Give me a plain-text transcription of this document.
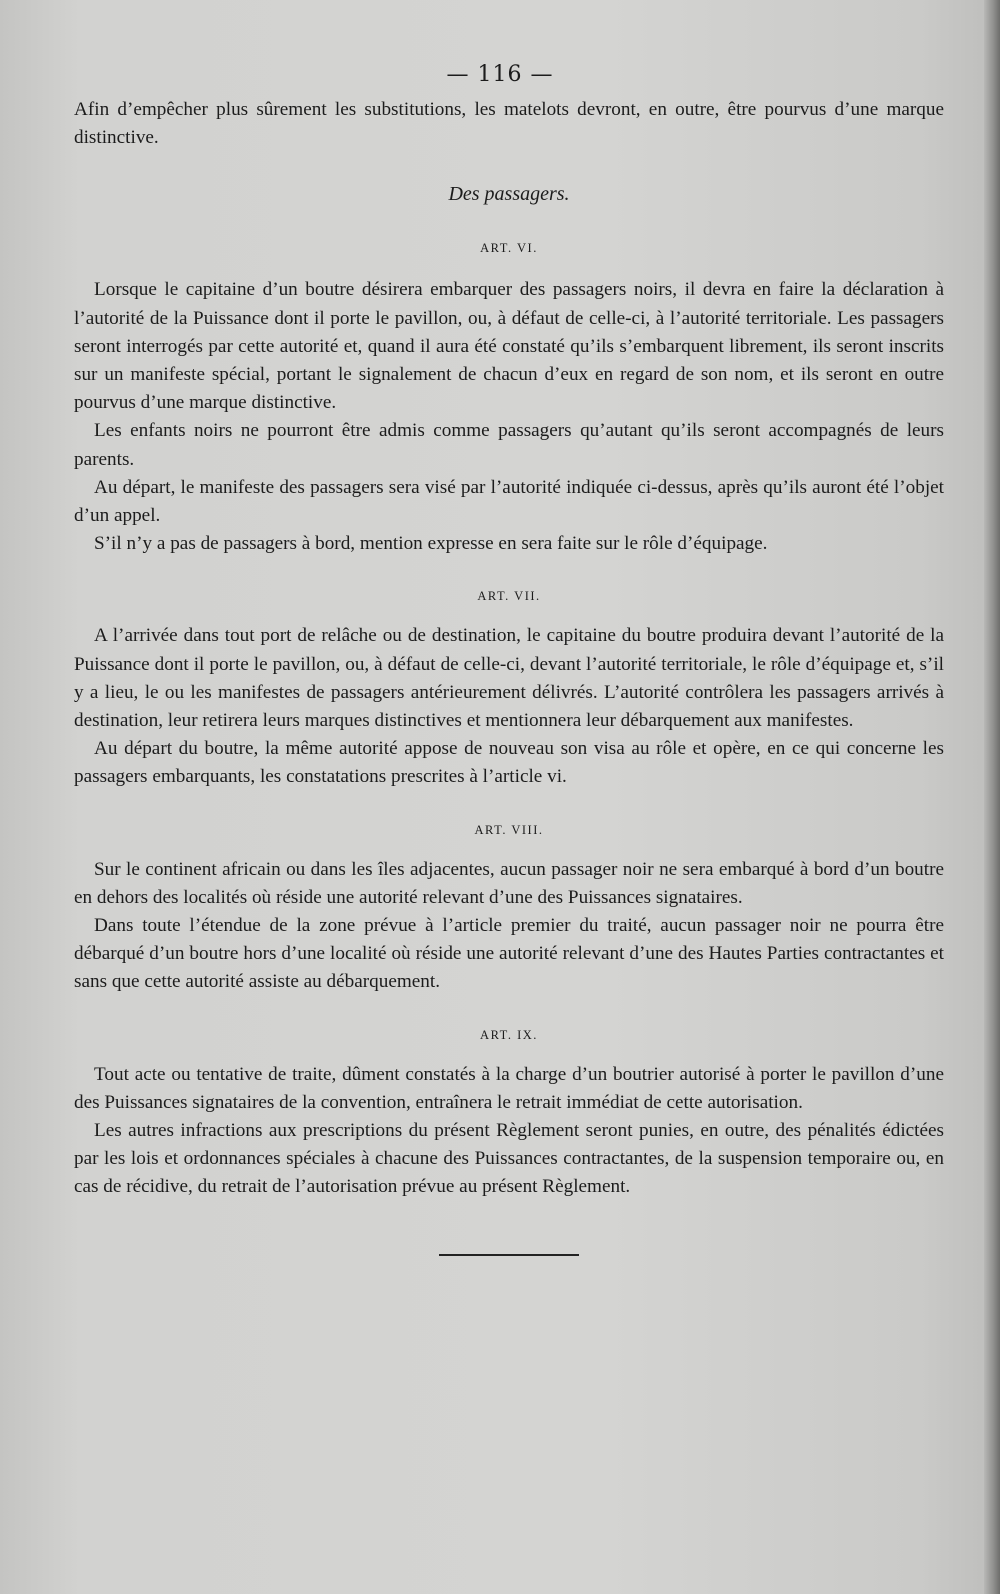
— 116 —

Afin d’empêcher plus sûrement les substitutions, les matelots devront, en outre, être pourvus d’une marque distinctive.

Des passagers.
ART. VI.

Lorsque le capitaine d’un boutre désirera embarquer des passagers noirs, il devra en faire la déclaration à l’autorité de la Puissance dont il porte le pavillon, ou, à défaut de celle-ci, à l’autorité territoriale. Les passagers seront interrogés par cette autorité et, quand il aura été constaté qu’ils s’embarquent librement, ils seront inscrits sur un manifeste spécial, portant le signalement de chacun d’eux en regard de son nom, et ils seront en outre pourvus d’une marque distinctive.

Les enfants noirs ne pourront être admis comme passagers qu’autant qu’ils seront accompagnés de leurs parents.

Au départ, le manifeste des passagers sera visé par l’autorité indiquée ci-dessus, après qu’ils auront été l’objet d’un appel.

S’il n’y a pas de passagers à bord, mention expresse en sera faite sur le rôle d’équipage.

ART. VII.

A l’arrivée dans tout port de relâche ou de destination, le capitaine du boutre produira devant l’autorité de la Puissance dont il porte le pavillon, ou, à défaut de celle-ci, devant l’autorité territoriale, le rôle d’équipage et, s’il y a lieu, le ou les manifestes de passagers antérieurement délivrés. L’autorité contrôlera les passagers arrivés à destination, leur retirera leurs marques distinctives et mentionnera leur débarquement aux manifestes.

Au départ du boutre, la même autorité appose de nouveau son visa au rôle et opère, en ce qui concerne les passagers embarquants, les constatations prescrites à l’article vi.

ART. VIII.

Sur le continent africain ou dans les îles adjacentes, aucun passager noir ne sera embarqué à bord d’un boutre en dehors des localités où réside une autorité relevant d’une des Puissances signataires.

Dans toute l’étendue de la zone prévue à l’article premier du traité, aucun passager noir ne pourra être débarqué d’un boutre hors d’une localité où réside une autorité relevant d’une des Hautes Parties contractantes et sans que cette autorité assiste au débarquement.

ART. IX.

Tout acte ou tentative de traite, dûment constatés à la charge d’un boutrier autorisé à porter le pavillon d’une des Puissances signataires de la convention, entraînera le retrait immédiat de cette autorisation.

Les autres infractions aux prescriptions du présent Règlement seront punies, en outre, des pénalités édictées par les lois et ordonnances spéciales à chacune des Puissances contractantes, de la suspension temporaire ou, en cas de récidive, du retrait de l’autorisation prévue au présent Règlement.
